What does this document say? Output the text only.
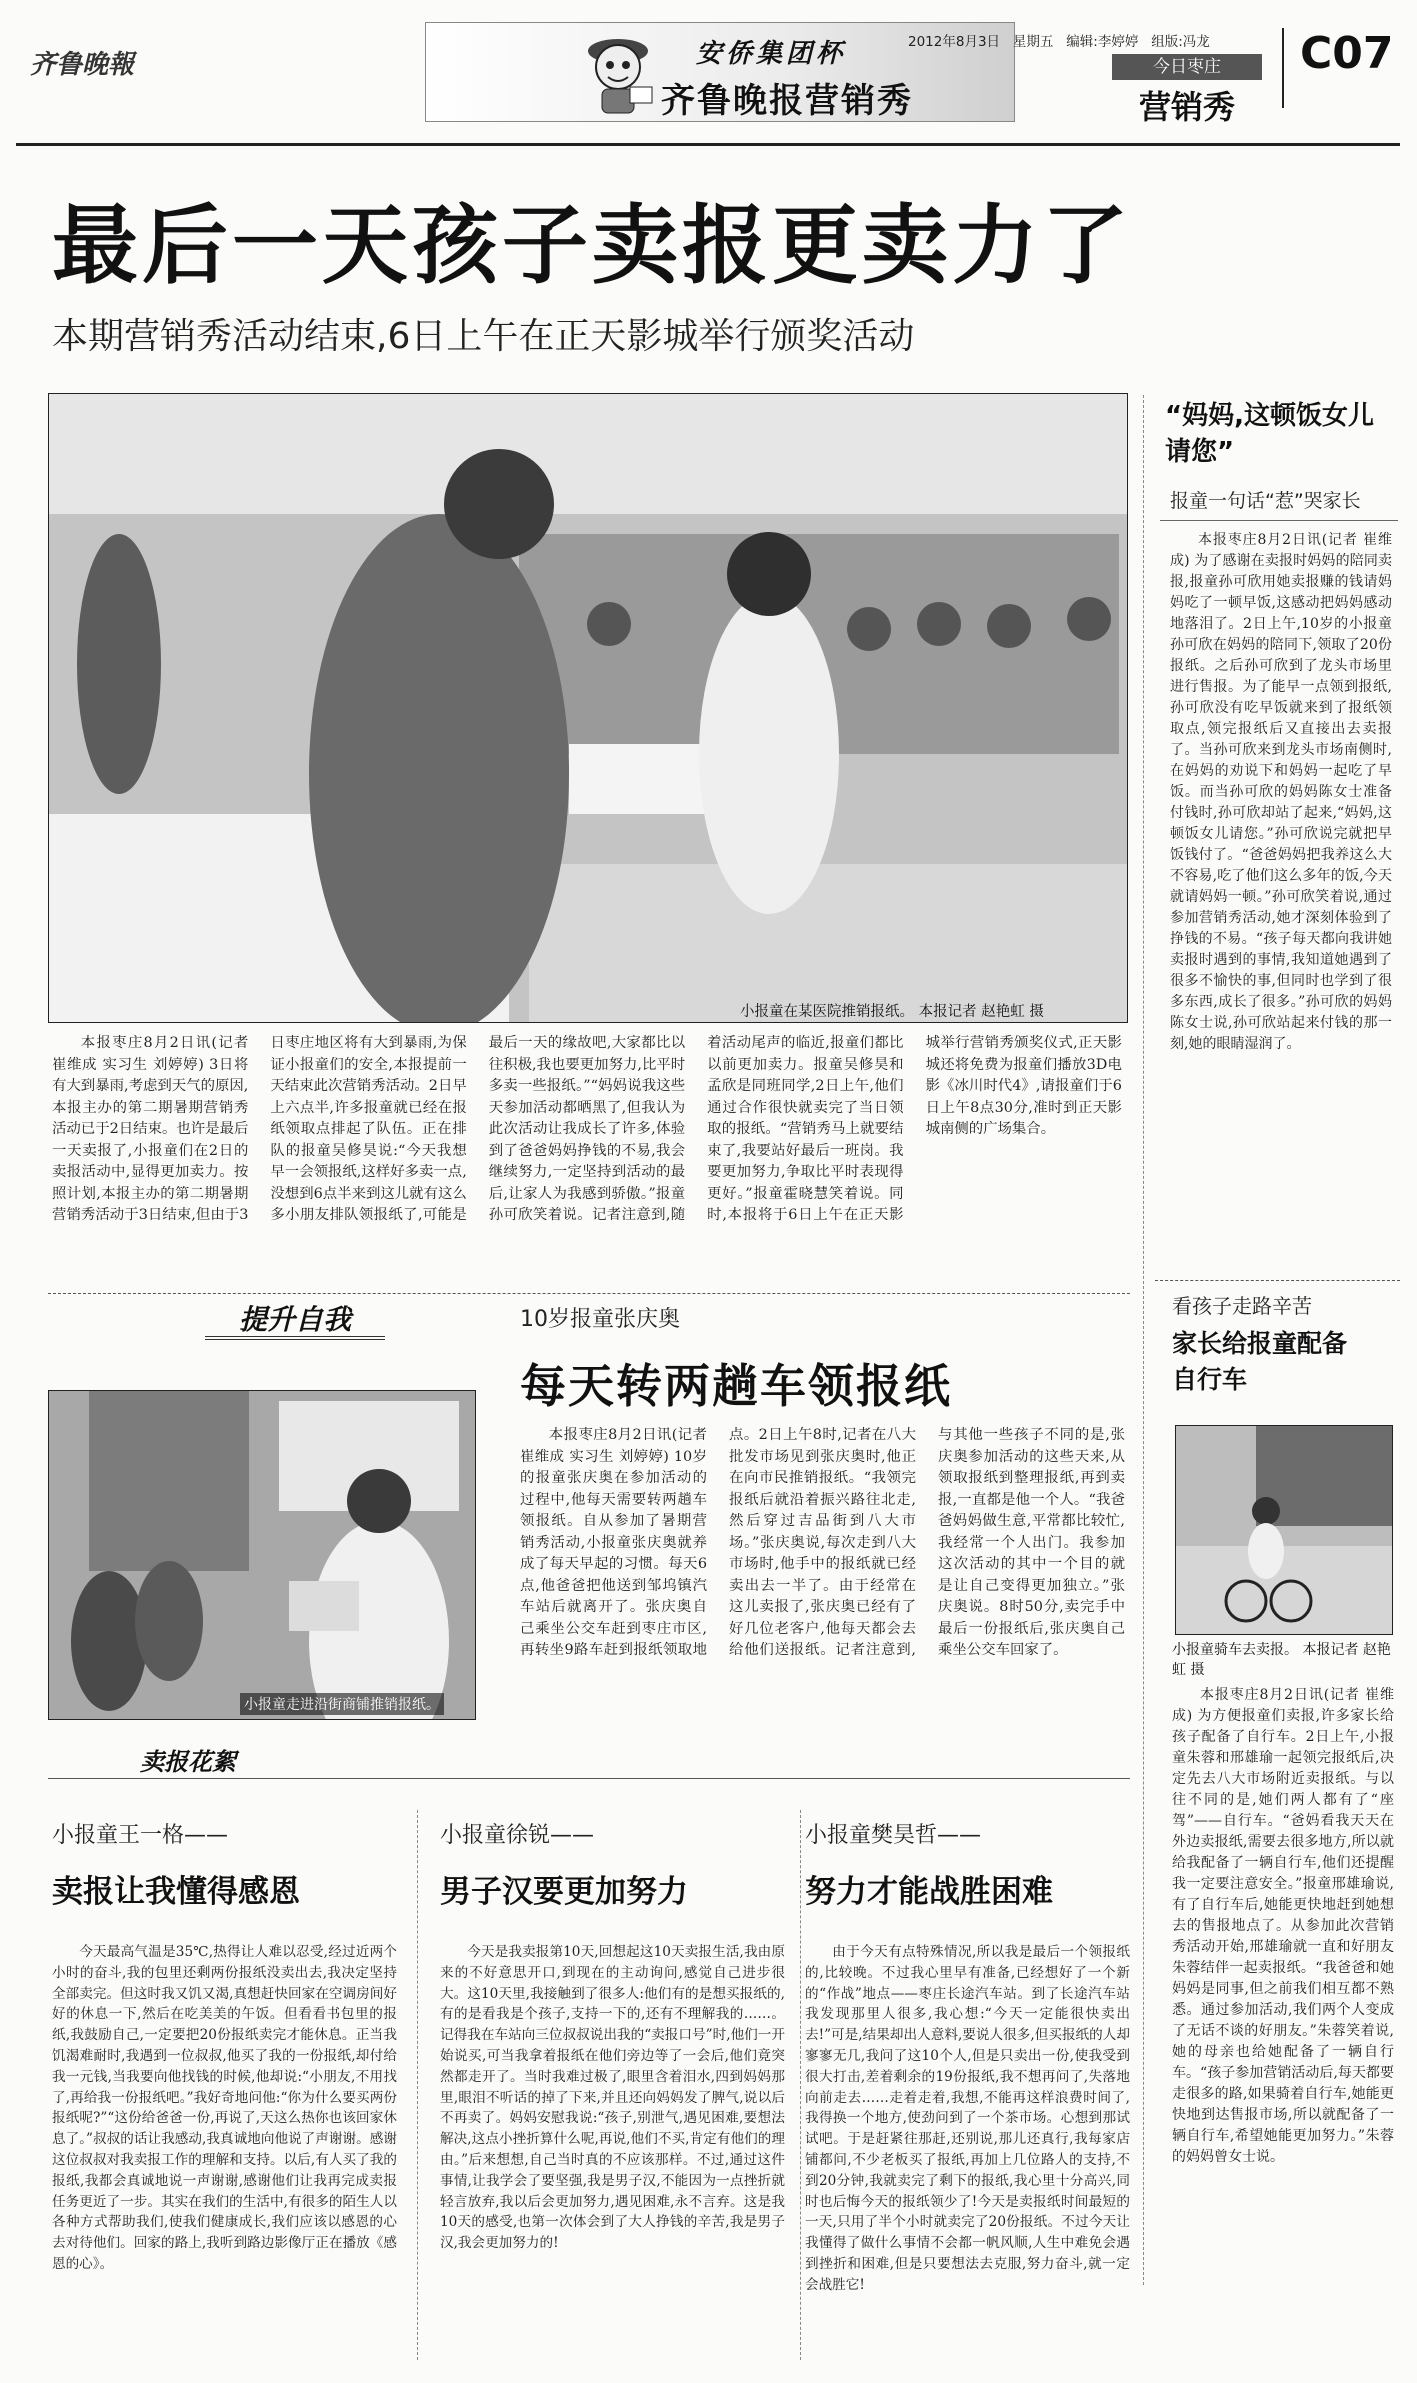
齐鲁晚報	安侨集团杯
齐鲁晚报营销秀
2012年8月3日   星期五   编辑:李婷婷   组版:冯龙
今日枣庄
营销秀
C07
最后一天孩子卖报更卖力了
本期营销秀活动结束,6日上午在正天影城举行颁奖活动
小报童在某医院推销报纸。 本报记者 赵艳虹 摄

本报枣庄8月2日讯(记者 崔维成 实习生 刘婷婷) 3日将有大到暴雨,考虑到天气的原因,本报主办的第二期暑期营销秀活动已于2日结束。也许是最后一天卖报了,小报童们在2日的卖报活动中,显得更加卖力。按照计划,本报主办的第二期暑期营销秀活动于3日结束,但由于3日枣庄地区将有大到暴雨,为保证小报童们的安全,本报提前一天结束此次营销秀活动。2日早上六点半,许多报童就已经在报纸领取点排起了队伍。正在排队的报童吴修昊说:“今天我想早一会领报纸,这样好多卖一点,没想到6点半来到这儿就有这么多小朋友排队领报纸了,可能是最后一天的缘故吧,大家都比以往积极,我也要更加努力,比平时多卖一些报纸。”“妈妈说我这些天参加活动都晒黑了,但我认为此次活动让我成长了许多,体验到了爸爸妈妈挣钱的不易,我会继续努力,一定坚持到活动的最后,让家人为我感到骄傲。”报童孙可欣笑着说。记者注意到,随着活动尾声的临近,报童们都比以前更加卖力。报童吴修昊和孟欣是同班同学,2日上午,他们通过合作很快就卖完了当日领取的报纸。“营销秀马上就要结束了,我要站好最后一班岗。我要更加努力,争取比平时表现得更好。”报童霍晓慧笑着说。同时,本报将于6日上午在正天影城举行营销秀颁奖仪式,正天影城还将免费为报童们播放3D电影《冰川时代4》,请报童们于6日上午8点30分,准时到正天影城南侧的广场集合。

“妈妈,这顿饭女儿请您”
报童一句话“惹”哭家长

本报枣庄8月2日讯(记者 崔维成) 为了感谢在卖报时妈妈的陪同卖报,报童孙可欣用她卖报赚的钱请妈妈吃了一顿早饭,这感动把妈妈感动地落泪了。2日上午,10岁的小报童孙可欣在妈妈的陪同下,领取了20份报纸。之后孙可欣到了龙头市场里进行售报。为了能早一点领到报纸,孙可欣没有吃早饭就来到了报纸领取点,领完报纸后又直接出去卖报了。当孙可欣来到龙头市场南侧时,在妈妈的劝说下和妈妈一起吃了早饭。而当孙可欣的妈妈陈女士准备付钱时,孙可欣却站了起来,“妈妈,这顿饭女儿请您。”孙可欣说完就把早饭钱付了。“爸爸妈妈把我养这么大不容易,吃了他们这么多年的饭,今天就请妈妈一顿。”孙可欣笑着说,通过参加营销秀活动,她才深刻体验到了挣钱的不易。“孩子每天都向我讲她卖报时遇到的事情,我知道她遇到了很多不愉快的事,但同时也学到了很多东西,成长了很多。”孙可欣的妈妈陈女士说,孙可欣站起来付钱的那一刻,她的眼睛湿润了。

提升自我	10岁报童张庆奥
每天转两趟车领报纸
小报童走进沿街商铺推销报纸。

本报枣庄8月2日讯(记者 崔维成 实习生 刘婷婷) 10岁的报童张庆奥在参加活动的过程中,他每天需要转两趟车领报纸。自从参加了暑期营销秀活动,小报童张庆奥就养成了每天早起的习惯。每天6点,他爸爸把他送到邹坞镇汽车站后就离开了。张庆奥自己乘坐公交车赶到枣庄市区,再转坐9路车赶到报纸领取地点。2日上午8时,记者在八大批发市场见到张庆奥时,他正在向市民推销报纸。“我领完报纸后就沿着振兴路往北走,然后穿过吉品街到八大市场。”张庆奥说,每次走到八大市场时,他手中的报纸就已经卖出去一半了。由于经常在这儿卖报了,张庆奥已经有了好几位老客户,他每天都会去给他们送报纸。记者注意到,与其他一些孩子不同的是,张庆奥参加活动的这些天来,从领取报纸到整理报纸,再到卖报,一直都是他一个人。“我爸爸妈妈做生意,平常都比较忙,我经常一个人出门。我参加这次活动的其中一个目的就是让自己变得更加独立。”张庆奥说。8时50分,卖完手中最后一份报纸后,张庆奥自己乘坐公交车回家了。

看孩子走路辛苦
家长给报童配备自行车
小报童骑车去卖报。 本报记者 赵艳虹 摄

本报枣庄8月2日讯(记者 崔维成) 为方便报童们卖报,许多家长给孩子配备了自行车。2日上午,小报童朱蓉和邢雄瑜一起领完报纸后,决定先去八大市场附近卖报纸。与以往不同的是,她们两人都有了“座驾”——自行车。“爸妈看我天天在外边卖报纸,需要去很多地方,所以就给我配备了一辆自行车,他们还提醒我一定要注意安全。”报童邢雄瑜说,有了自行车后,她能更快地赶到她想去的售报地点了。从参加此次营销秀活动开始,邢雄瑜就一直和好朋友朱蓉结伴一起卖报纸。“我爸爸和她妈妈是同事,但之前我们相互都不熟悉。通过参加活动,我们两个人变成了无话不谈的好朋友。”朱蓉笑着说,她的母亲也给她配备了一辆自行车。“孩子参加营销活动后,每天都要走很多的路,如果骑着自行车,她能更快地到达售报市场,所以就配备了一辆自行车,希望她能更加努力。”朱蓉的妈妈曾女士说。

卖报花絮
小报童王一格——
卖报让我懂得感恩

今天最高气温是35℃,热得让人难以忍受,经过近两个小时的奋斗,我的包里还剩两份报纸没卖出去,我决定坚持全部卖完。但这时我又饥又渴,真想赶快回家在空调房间好好的休息一下,然后在吃美美的午饭。但看看书包里的报纸,我鼓励自己,一定要把20份报纸卖完才能休息。正当我饥渴难耐时,我遇到一位叔叔,他买了我的一份报纸,却付给我一元钱,当我要向他找钱的时候,他却说:“小朋友,不用找了,再给我一份报纸吧。”我好奇地问他:“你为什么要买两份报纸呢?”“这份给爸爸一份,再说了,天这么热你也该回家休息了。”叔叔的话让我感动,我真诚地向他说了声谢谢。感谢这位叔叔对我卖报工作的理解和支持。以后,有人买了我的报纸,我都会真诚地说一声谢谢,感谢他们让我再完成卖报任务更近了一步。其实在我们的生活中,有很多的陌生人以各种方式帮助我们,使我们健康成长,我们应该以感恩的心去对待他们。回家的路上,我听到路边影像厅正在播放《感恩的心》。

小报童徐锐——
男子汉要更加努力

今天是我卖报第10天,回想起这10天卖报生活,我由原来的不好意思开口,到现在的主动询问,感觉自己进步很大。这10天里,我接触到了很多人:他们有的是想买报纸的,有的是看我是个孩子,支持一下的,还有不理解我的……。记得我在车站向三位叔叔说出我的“卖报口号”时,他们一开始说买,可当我拿着报纸在他们旁边等了一会后,他们竟突然都走开了。当时我难过极了,眼里含着泪水,四到妈妈那里,眼泪不听话的掉了下来,并且还向妈妈发了脾气,说以后不再卖了。妈妈安慰我说:“孩子,别泄气,遇见困难,要想法解决,这点小挫折算什么呢,再说,他们不买,肯定有他们的理由。”后来想想,自己当时真的不应该那样。不过,通过这件事情,让我学会了要坚强,我是男子汉,不能因为一点挫折就轻言放弃,我以后会更加努力,遇见困难,永不言弃。这是我10天的感受,也第一次体会到了大人挣钱的辛苦,我是男子汉,我会更加努力的!

小报童樊昊哲——
努力才能战胜困难

由于今天有点特殊情况,所以我是最后一个领报纸的,比较晚。不过我心里早有准备,已经想好了一个新的“作战”地点——枣庄长途汽车站。到了长途汽车站我发现那里人很多,我心想:“今天一定能很快卖出去!”可是,结果却出人意料,要说人很多,但买报纸的人却寥寥无几,我问了这10个人,但是只卖出一份,使我受到很大打击,差着剩余的19份报纸,我不想再问了,失落地向前走去……走着走着,我想,不能再这样浪费时间了,我得换一个地方,使劲问到了一个茶市场。心想到那试试吧。于是赶紧往那赶,还别说,那儿还真行,我每家店铺都问,不少老板买了报纸,再加上几位路人的支持,不到20分钟,我就卖完了剩下的报纸,我心里十分高兴,同时也后悔今天的报纸领少了!今天是卖报纸时间最短的一天,只用了半个小时就卖完了20份报纸。不过今天让我懂得了做什么事情不会都一帆风顺,人生中难免会遇到挫折和困难,但是只要想法去克服,努力奋斗,就一定会战胜它!
